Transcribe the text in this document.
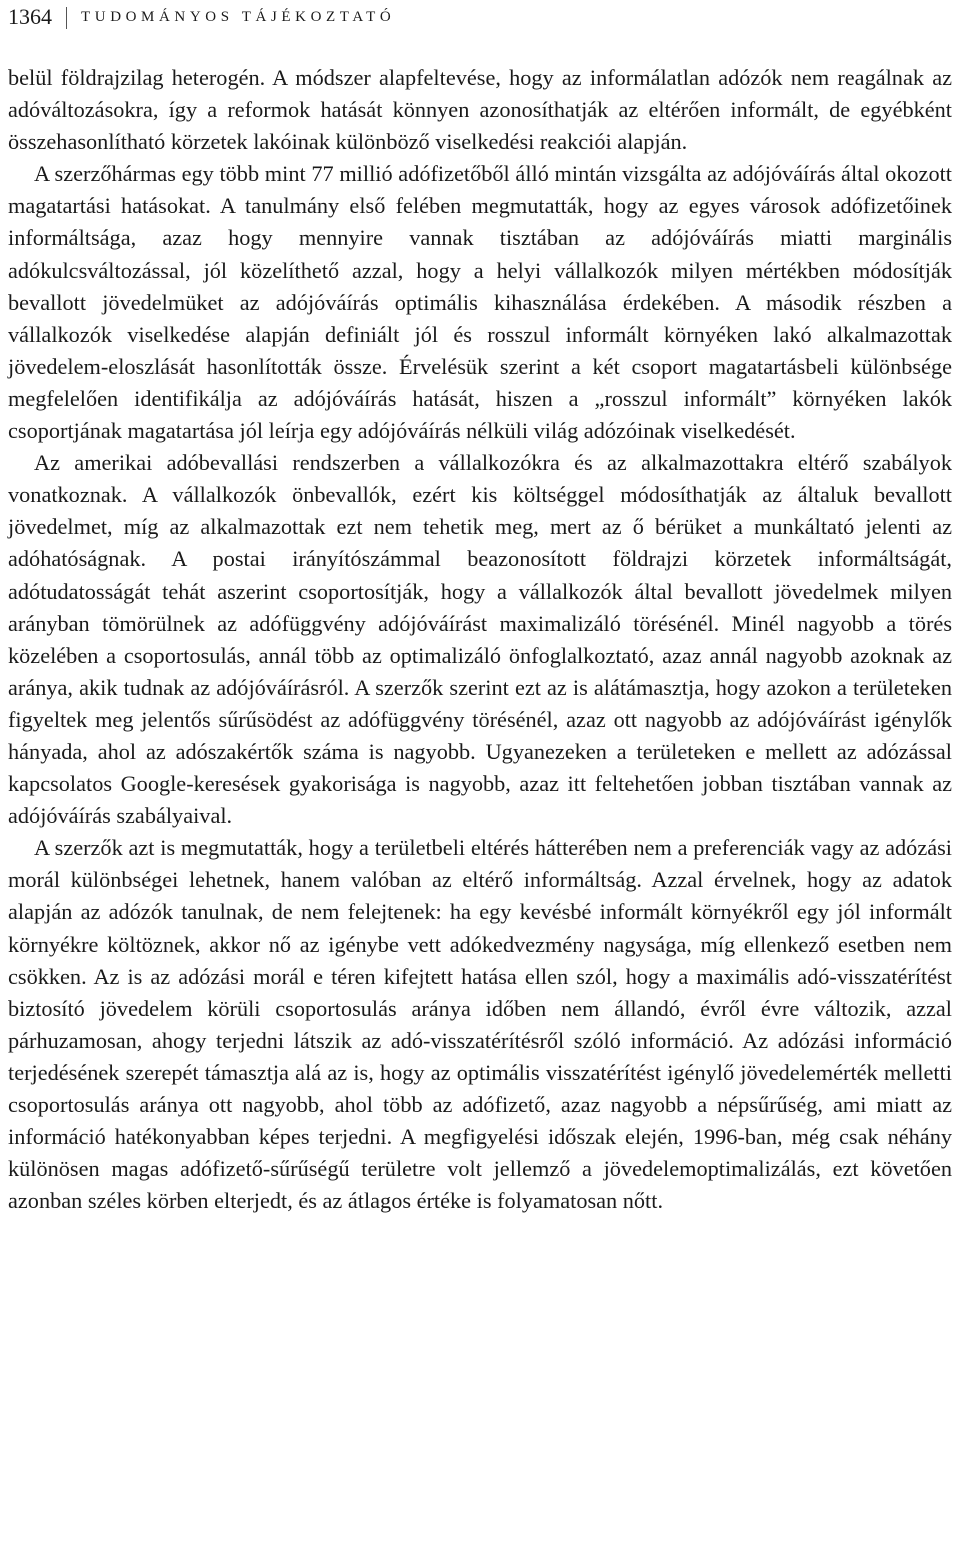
1364	TUDOMÁNYOS TÁJÉKOZTATÓ

belül földrajzilag heterogén. A módszer alapfeltevése, hogy az informálatlan adózók nem reagálnak az adóváltozásokra, így a reformok hatását könnyen azonosíthatják az eltérően informált, de egyébként összehasonlítható körzetek lakóinak különböző viselkedési reakciói alapján.

A szerzőhármas egy több mint 77 millió adófizetőből álló mintán vizsgálta az adójóváírás által okozott magatartási hatásokat. A tanulmány első felében megmutatták, hogy az egyes városok adófizetőinek informáltsága, azaz hogy mennyire vannak tisztában az adójóváírás miatti marginális adókulcsváltozással, jól közelíthető azzal, hogy a helyi vállalkozók milyen mértékben módosítják bevallott jövedelmüket az adójóváírás optimális kihasználása érdekében. A második részben a vállalkozók viselkedése alapján definiált jól és rosszul informált környéken lakó alkalmazottak jövedelem-eloszlását hasonlították össze. Érvelésük szerint a két csoport magatartásbeli különbsége megfelelően identifikálja az adójóváírás hatását, hiszen a „rosszul informált” környéken lakók csoportjának magatartása jól leírja egy adójóváírás nélküli világ adózóinak viselkedését.

Az amerikai adóbevallási rendszerben a vállalkozókra és az alkalmazottakra eltérő szabályok vonatkoznak. A vállalkozók önbevallók, ezért kis költséggel módosíthatják az általuk bevallott jövedelmet, míg az alkalmazottak ezt nem tehetik meg, mert az ő bérüket a munkáltató jelenti az adóhatóságnak. A postai irányítószámmal beazonosított földrajzi körzetek informáltságát, adótudatosságát tehát aszerint csoportosítják, hogy a vállalkozók által bevallott jövedelmek milyen arányban tömörülnek az adófüggvény adójóváírást maximalizáló törésénél. Minél nagyobb a törés közelében a csoportosulás, annál több az optimalizáló önfoglalkoztató, azaz annál nagyobb azoknak az aránya, akik tudnak az adójóváírásról. A szerzők szerint ezt az is alátámasztja, hogy azokon a területeken figyeltek meg jelentős sűrűsödést az adófüggvény törésénél, azaz ott nagyobb az adójóváírást igénylők hányada, ahol az adószakértők száma is nagyobb. Ugyanezeken a területeken e mellett az adózással kapcsolatos Google-keresések gyakorisága is nagyobb, azaz itt feltehetően jobban tisztában vannak az adójóváírás szabályaival.

A szerzők azt is megmutatták, hogy a területbeli eltérés hátterében nem a preferenciák vagy az adózási morál különbségei lehetnek, hanem valóban az eltérő informáltság. Azzal érvelnek, hogy az adatok alapján az adózók tanulnak, de nem felejtenek: ha egy kevésbé informált környékről egy jól informált környékre költöznek, akkor nő az igénybe vett adókedvezmény nagysága, míg ellenkező esetben nem csökken. Az is az adózási morál e téren kifejtett hatása ellen szól, hogy a maximális adó-visszatérítést biztosító jövedelem körüli csoportosulás aránya időben nem állandó, évről évre változik, azzal párhuzamosan, ahogy terjedni látszik az adó-visszatérítésről szóló információ. Az adózási információ terjedésének szerepét támasztja alá az is, hogy az optimális visszatérítést igénylő jövedelemérték melletti csoportosulás aránya ott nagyobb, ahol több az adófizető, azaz nagyobb a népsűrűség, ami miatt az információ hatékonyabban képes terjedni. A megfigyelési időszak elején, 1996-ban, még csak néhány különösen magas adófizető-sűrűségű területre volt jellemző a jövedelemoptimalizálás, ezt követően azonban széles körben elterjedt, és az átlagos értéke is folyamatosan nőtt.
